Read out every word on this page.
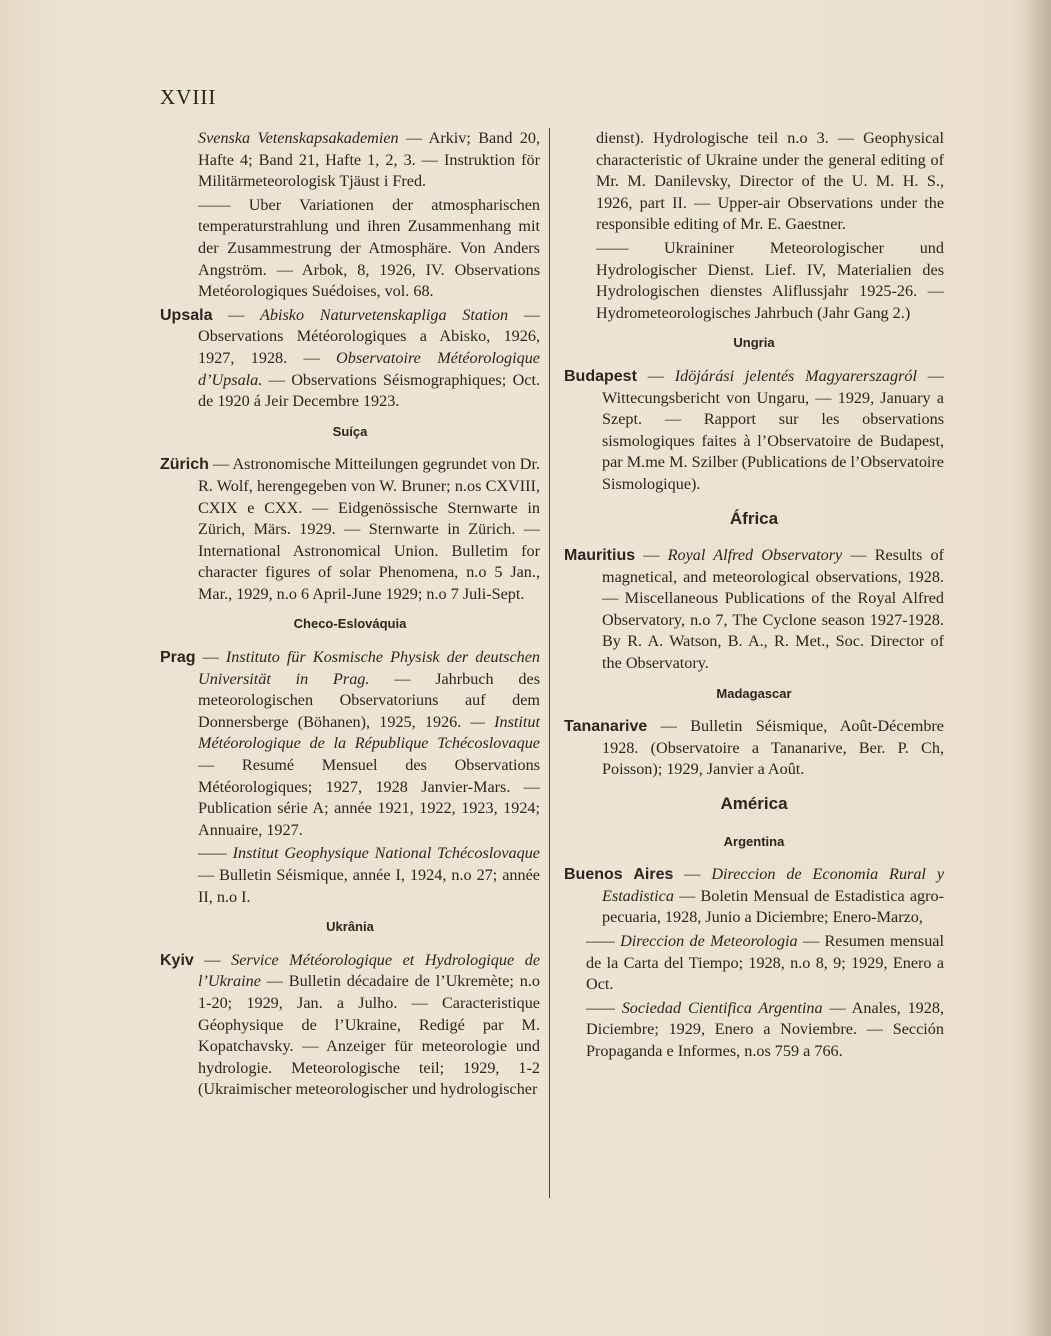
XVIII

Svenska Vetenskapsakademien — Arkiv; Band 20, Hafte 4; Band 21, Hafte 1, 2, 3. — Instruktion för Militärmeteorologisk Tjäust i Fred.

—— Uber Variationen der atmospharischen temperaturstrahlung und ihren Zusammenhang mit der Zusammestrung der Atmosphäre. Von Anders Angström. — Arbok, 8, 1926, IV. Observations Metéorologiques Suédoises, vol. 68.

Upsala — Abisko Naturvetenskapliga Station — Observations Météorologiques a Abisko, 1926, 1927, 1928. — Observatoire Météorologique d’Upsala. — Observations Séismographiques; Oct. de 1920 á Jeir Decembre 1923.

Suíça

Zürich — Astronomische Mitteilungen gegrundet von Dr. R. Wolf, herengegeben von W. Bruner; n.os CXVIII, CXIX e CXX. — Eidgenössische Sternwarte in Zürich, Märs. 1929. — Sternwarte in Zürich. — International Astronomical Union. Bulletim for character figures of solar Phenomena, n.o 5 Jan., Mar., 1929, n.o 6 April-June 1929; n.o 7 Juli-Sept.

Checo-Eslováquia

Prag — Instituto für Kosmische Physisk der deutschen Universität in Prag. — Jahrbuch des meteorologischen Observatoriuns auf dem Donnersberge (Böhanen), 1925, 1926. — Institut Météorologique de la République Tchécoslovaque — Resumé Mensuel des Observations Météorologiques; 1927, 1928 Janvier-Mars. — Publication série A; année 1921, 1922, 1923, 1924; Annuaire, 1927.

—— Institut Geophysique National Tchécoslovaque — Bulletin Séismique, année I, 1924, n.o 27; année II, n.o I.

Ukrânia

Kyiv — Service Météorologique et Hydrologique de l’Ukraine — Bulletin décadaire de l’Ukremète; n.o 1-20; 1929, Jan. a Julho. — Caracteristique Géophysique de l’Ukraine, Redigé par M. Kopatchavsky. — Anzeiger für meteorologie und hydrologie. Meteorologische teil; 1929, 1-2 (Ukraimischer meteorologischer und hydrologischer

dienst). Hydrologische teil n.o 3. — Geophysical characteristic of Ukraine under the general editing of Mr. M. Danilevsky, Director of the U. M. H. S., 1926, part II. — Upper-air Observations under the responsible editing of Mr. E. Gaestner.

—— Ukraininer Meteorologischer und Hydrologischer Dienst. Lief. IV, Materialien des Hydrologischen dienstes Aliflussjahr 1925-26. — Hydrometeorologisches Jahrbuch (Jahr Gang 2.)

Ungria

Budapest — Idöjárási jelentés Magyarerszagról — Wittecungsbericht von Ungaru, — 1929, January a Szept. — Rapport sur les observations sismologiques faites à l’Observatoire de Budapest, par M.me M. Szilber (Publications de l’Observatoire Sismologique).

África

Mauritius — Royal Alfred Observatory — Results of magnetical, and meteorological observations, 1928. — Miscellaneous Publications of the Royal Alfred Observatory, n.o 7, The Cyclone season 1927-1928. By R. A. Watson, B. A., R. Met., Soc. Director of the Observatory.

Madagascar

Tananarive — Bulletin Séismique, Août-Décembre 1928. (Observatoire a Tananarive, Ber. P. Ch, Poisson); 1929, Janvier a Août.

América
Argentina

Buenos Aires — Direccion de Economia Rural y Estadistica — Boletin Mensual de Estadistica agro-pecuaria, 1928, Junio a Diciembre; Enero-Marzo,

—— Direccion de Meteorologia — Resumen mensual de la Carta del Tiempo; 1928, n.o 8, 9; 1929, Enero a Oct.

—— Sociedad Cientifica Argentina — Anales, 1928, Diciembre; 1929, Enero a Noviembre. — Sección Propaganda e Informes, n.os 759 a 766.
